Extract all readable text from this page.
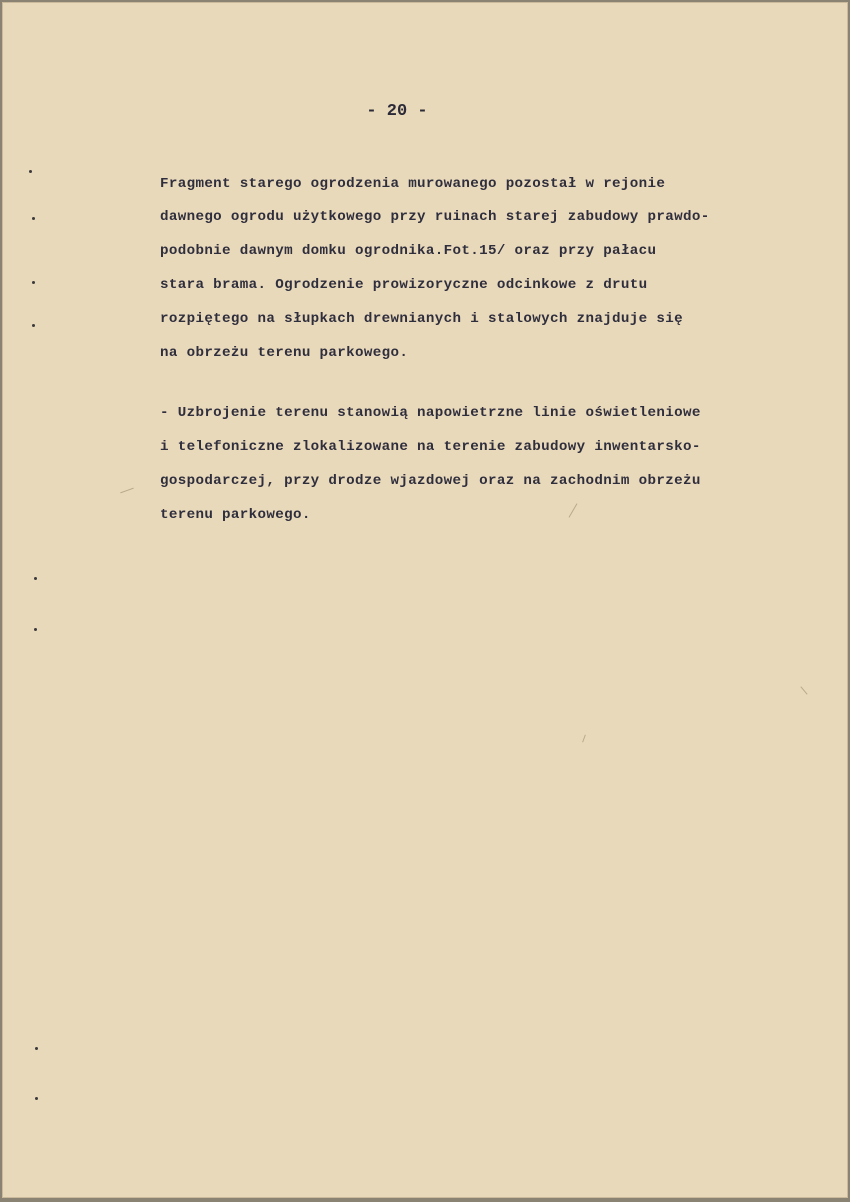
- 20 -
Fragment starego ogrodzenia murowanego pozostał w rejonie
dawnego ogrodu użytkowego przy ruinach starej zabudowy prawdo-
podobnie dawnym domku ogrodnika.Fot.15/ oraz przy pałacu
stara brama. Ogrodzenie prowizoryczne odcinkowe z drutu
rozpiętego na słupkach drewnianych i stalowych znajduje się
na obrzeżu terenu parkowego.
- Uzbrojenie terenu stanowią napowietrzne linie oświetleniowe
i telefoniczne zlokalizowane na terenie zabudowy inwentarsko-
gospodarczej, przy drodze wjazdowej oraz na zachodnim obrzeżu
terenu parkowego.
